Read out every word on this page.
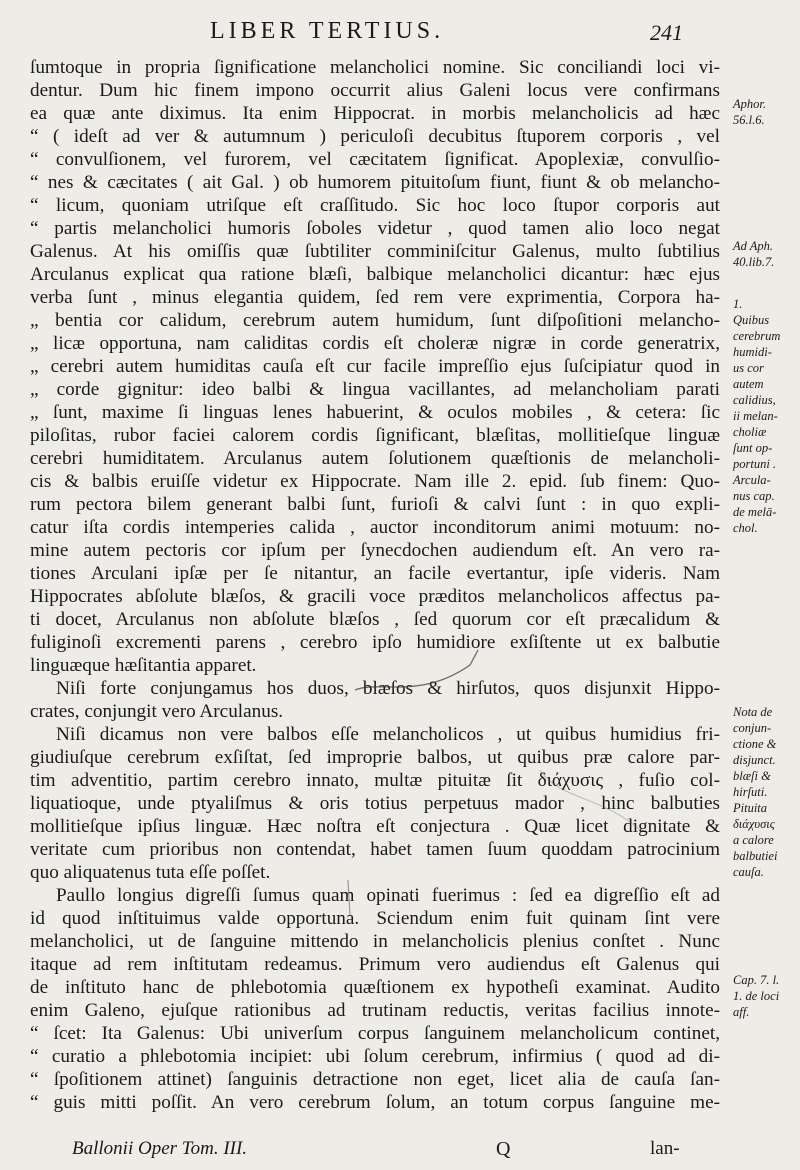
LIBER TERTIUS.	241
ſumtoque in propria ſignificatione melancholici nomine. Sic conciliandi loci vi-
dentur. Dum hic finem impono occurrit alius Galeni locus vere confirmans
ea quæ ante diximus. Ita enim Hippocrat. in morbis melancholicis ad hæc
“ ( ideſt ad ver & autumnum ) periculoſi decubitus ſtuporem corporis , vel
“ convulſionem, vel furorem, vel cæcitatem ſignificat. Apoplexiæ, convulſio-
“ nes & cæcitates ( ait Gal. ) ob humorem pituitoſum fiunt, fiunt & ob melancho-
“ licum, quoniam utriſque eſt craſſitudo. Sic hoc loco ſtupor corporis aut
“ partis melancholici humoris ſoboles videtur , quod tamen alio loco negat
Galenus. At his omiſſis quæ ſubtiliter comminiſcitur Galenus, multo ſubtilius
Arculanus explicat qua ratione blæſi, balbique melancholici dicantur: hæc ejus
verba ſunt , minus elegantia quidem, ſed rem vere exprimentia, Corpora ha-
„ bentia cor calidum, cerebrum autem humidum, ſunt diſpoſitioni melancho-
„ licæ opportuna, nam caliditas cordis eſt choleræ nigræ in corde generatrix,
„ cerebri autem humiditas cauſa eſt cur facile impreſſio ejus ſuſcipiatur quod in
„ corde gignitur: ideo balbi & lingua vacillantes, ad melancholiam parati
„ ſunt, maxime ſi linguas lenes habuerint, & oculos mobiles , & cetera: ſic
piloſitas, rubor faciei calorem cordis ſignificant, blæſitas, mollitieſque linguæ
cerebri humiditatem. Arculanus autem ſolutionem quæſtionis de melancholi-
cis & balbis eruiſſe videtur ex Hippocrate. Nam ille 2. epid. ſub finem: Quo-
rum pectora bilem generant balbi ſunt, furioſi & calvi ſunt : in quo expli-
catur iſta cordis intemperies calida , auctor inconditorum animi motuum: no-
mine autem pectoris cor ipſum per ſynecdochen audiendum eſt. An vero ra-
tiones Arculani ipſæ per ſe nitantur, an facile evertantur, ipſe videris. Nam
Hippocrates abſolute blæſos, & gracili voce præditos melancholicos affectus pa-
ti docet, Arculanus non abſolute blæſos , ſed quorum cor eſt præcalidum &
fuliginoſi excrementi parens , cerebro ipſo humidiore exſiſtente ut ex balbutie
linguæque hæſitantia apparet.
Niſi forte conjungamus hos duos, blæſos & hirſutos, quos disjunxit Hippo-
crates, conjungit vero Arculanus.
Niſi dicamus non vere balbos eſſe melancholicos , ut quibus humidius fri-
giudiuſque cerebrum exſiſtat, ſed improprie balbos, ut quibus præ calore par-
tim adventitio, partim cerebro innato, multæ pituitæ ſit διάχυσις , fuſio col-
liquatioque, unde ptyaliſmus & oris totius perpetuus mador , hinc balbuties
mollitieſque ipſius linguæ. Hæc noſtra eſt conjectura . Quæ licet dignitate &
veritate cum prioribus non contendat, habet tamen ſuum quoddam patrocinium
quo aliquatenus tuta eſſe poſſet.
Paullo longius digreſſi ſumus quam opinati fuerimus : ſed ea digreſſio eſt ad
id quod inſtituimus valde opportuna. Sciendum enim fuit quinam ſint vere
melancholici, ut de ſanguine mittendo in melancholicis plenius conſtet . Nunc
itaque ad rem inſtitutam redeamus. Primum vero audiendus eſt Galenus qui
de inſtituto hanc de phlebotomia quæſtionem ex hypotheſi examinat. Audito
enim Galeno, ejuſque rationibus ad trutinam reductis, veritas facilius innote-
“ ſcet: Ita Galenus: Ubi univerſum corpus ſanguinem melancholicum continet,
“ curatio a phlebotomia incipiet: ubi ſolum cerebrum, infirmius ( quod ad di-
“ ſpoſitionem attinet) ſanguinis detractione non eget, licet alia de cauſa ſan-
“ guis mitti poſſit. An vero cerebrum ſolum, an totum corpus ſanguine me-
Aphor.
56.l.6.
Ad Aph.
40.lib.7.
1.
Quibus
cerebrum
humidi-
us cor
autem
calidius,
ii melan-
choliæ
ſunt op-
portuni .
Arcula-
nus cap.
de melā-
chol.
Nota de
conjun-
ctione &
disjunct.
blæſi &
hirſuti.
Pituita
διάχυσις
a calore
balbutiei
cauſa.
Cap. 7. l.
1. de loci
aff.
Ballonii Oper Tom. III.	Q	lan-
